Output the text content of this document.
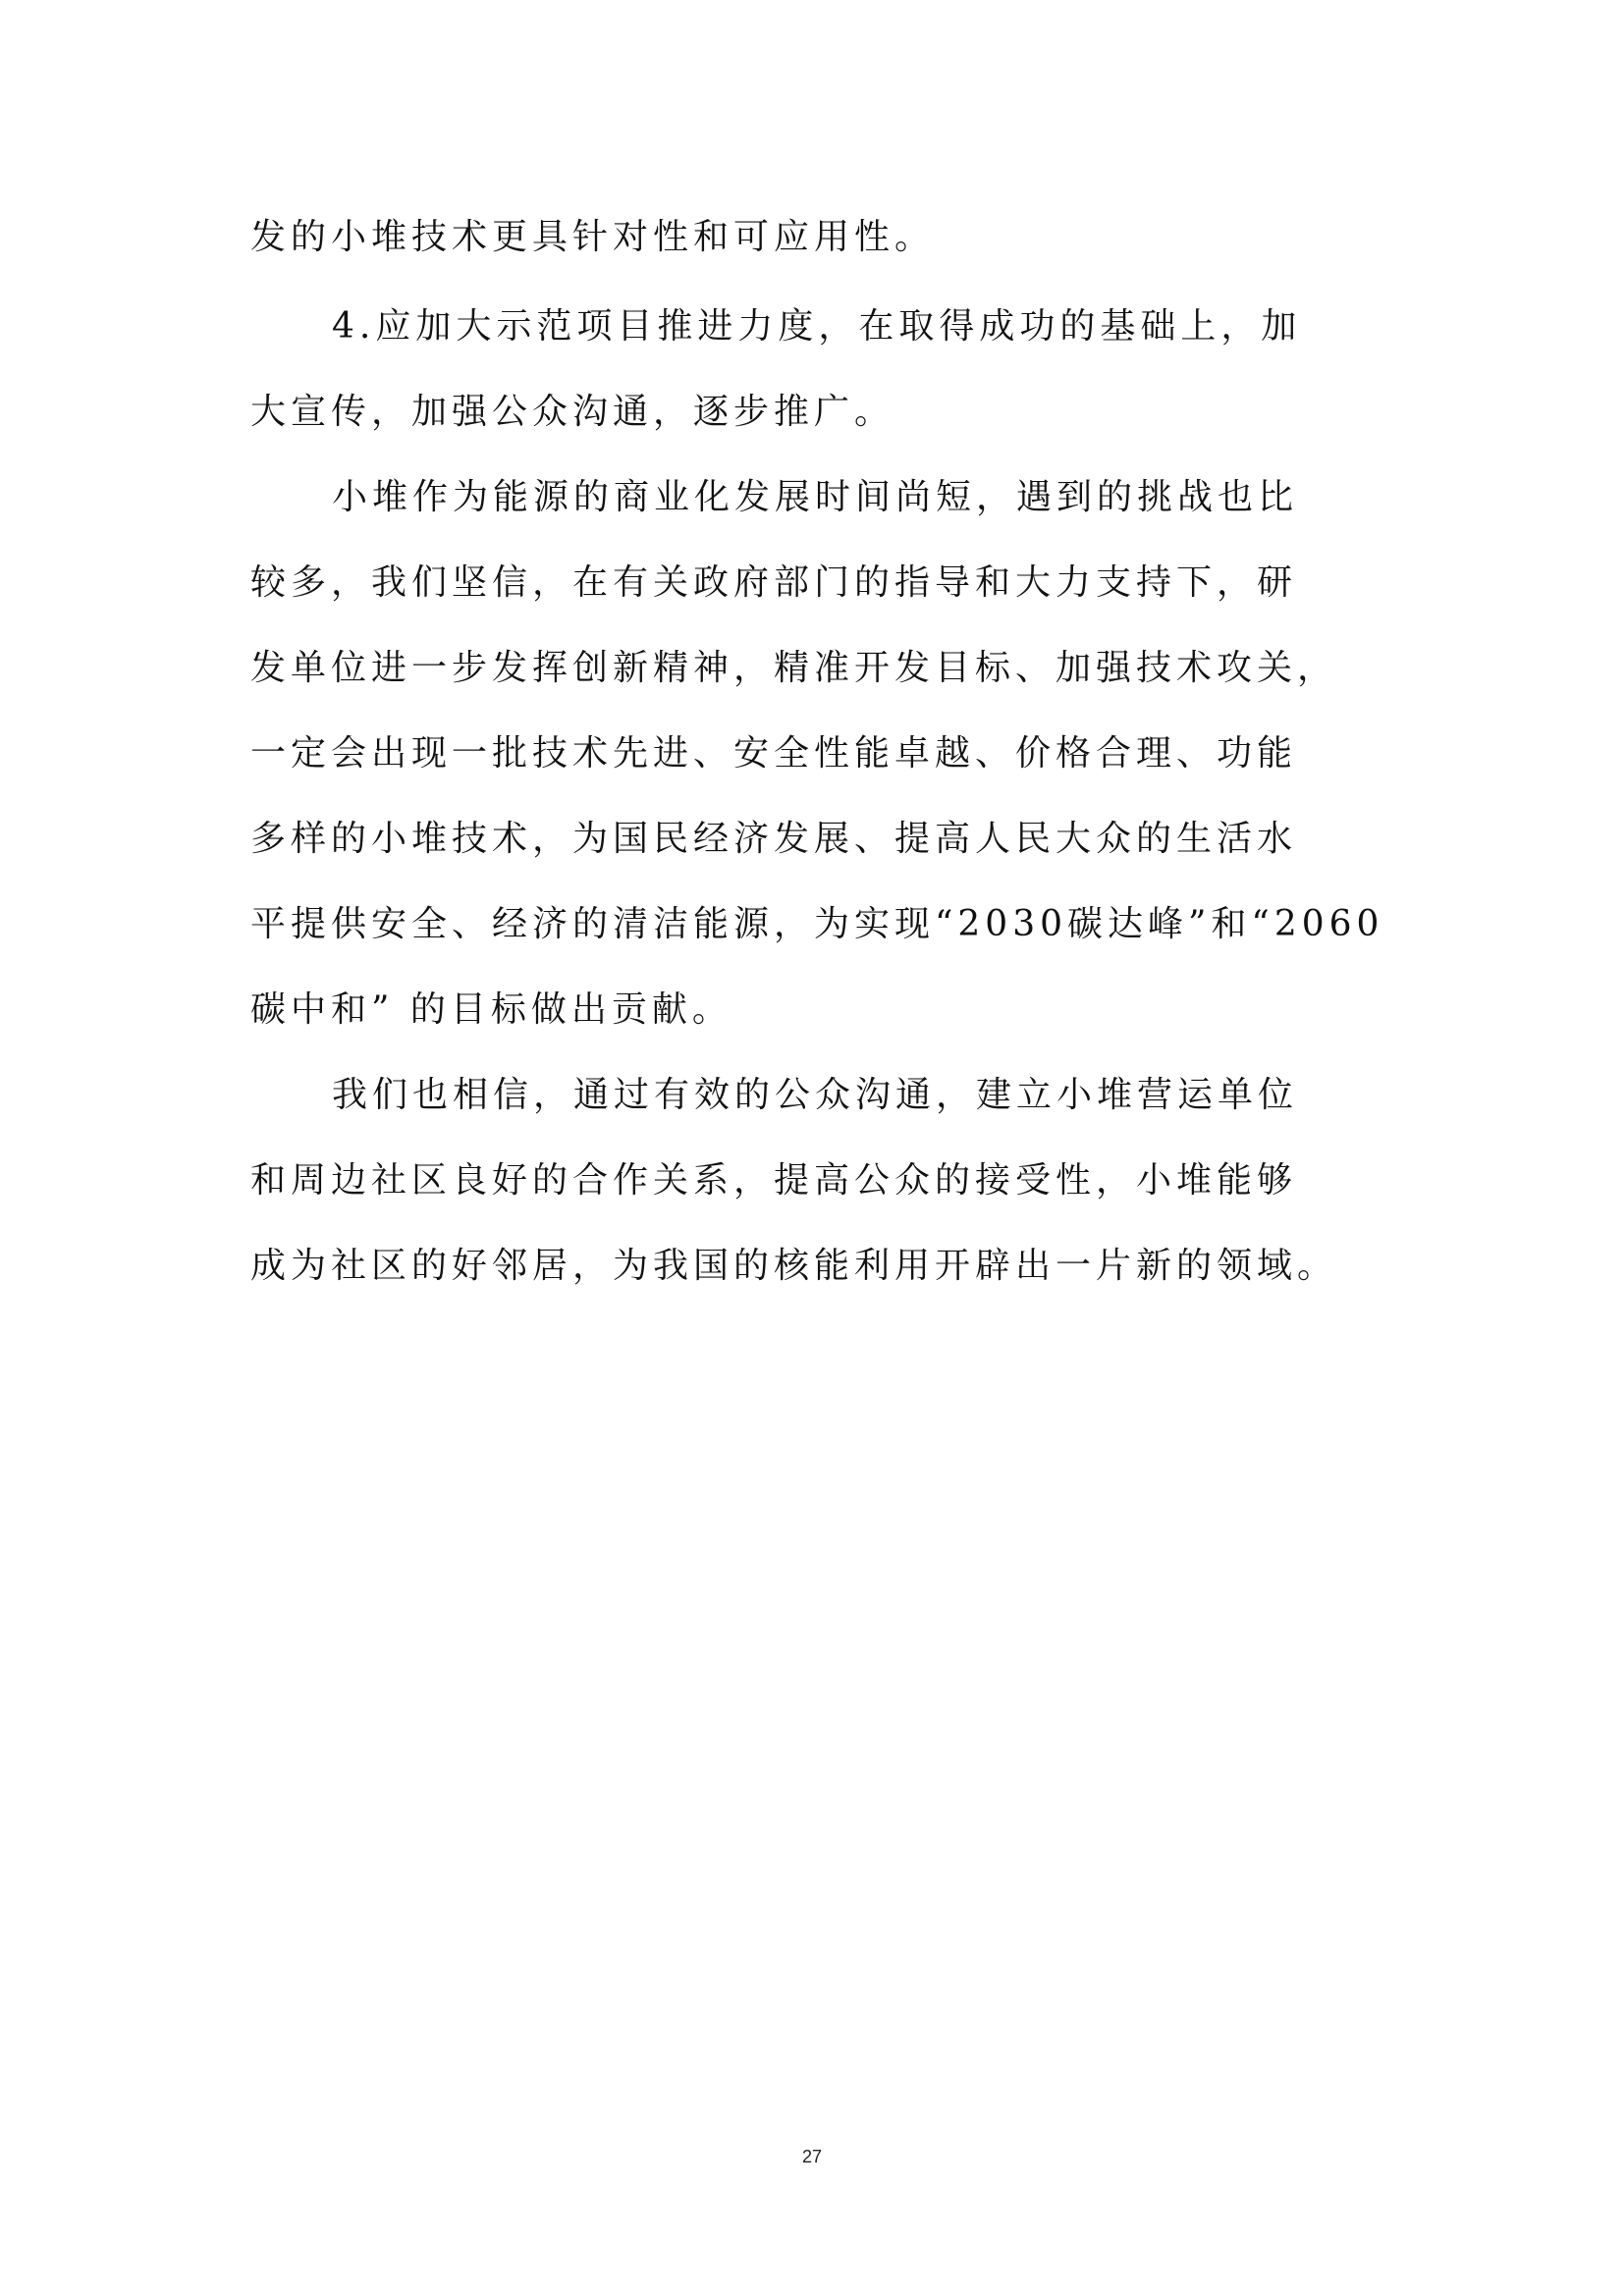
发的小堆技术更具针对性和可应用性。

4.应加大示范项目推进力度，在取得成功的基础上，加

大宣传，加强公众沟通，逐步推广。

小堆作为能源的商业化发展时间尚短，遇到的挑战也比

较多，我们坚信，在有关政府部门的指导和大力支持下，研

发单位进一步发挥创新精神，精准开发目标、加强技术攻关，

一定会出现一批技术先进、安全性能卓越、价格合理、功能

多样的小堆技术，为国民经济发展、提高人民大众的生活水

平提供安全、经济的清洁能源，为实现“2030碳达峰”和“2060

碳中和” 的目标做出贡献。

我们也相信，通过有效的公众沟通，建立小堆营运单位

和周边社区良好的合作关系，提高公众的接受性，小堆能够

成为社区的好邻居，为我国的核能利用开辟出一片新的领域。

27
